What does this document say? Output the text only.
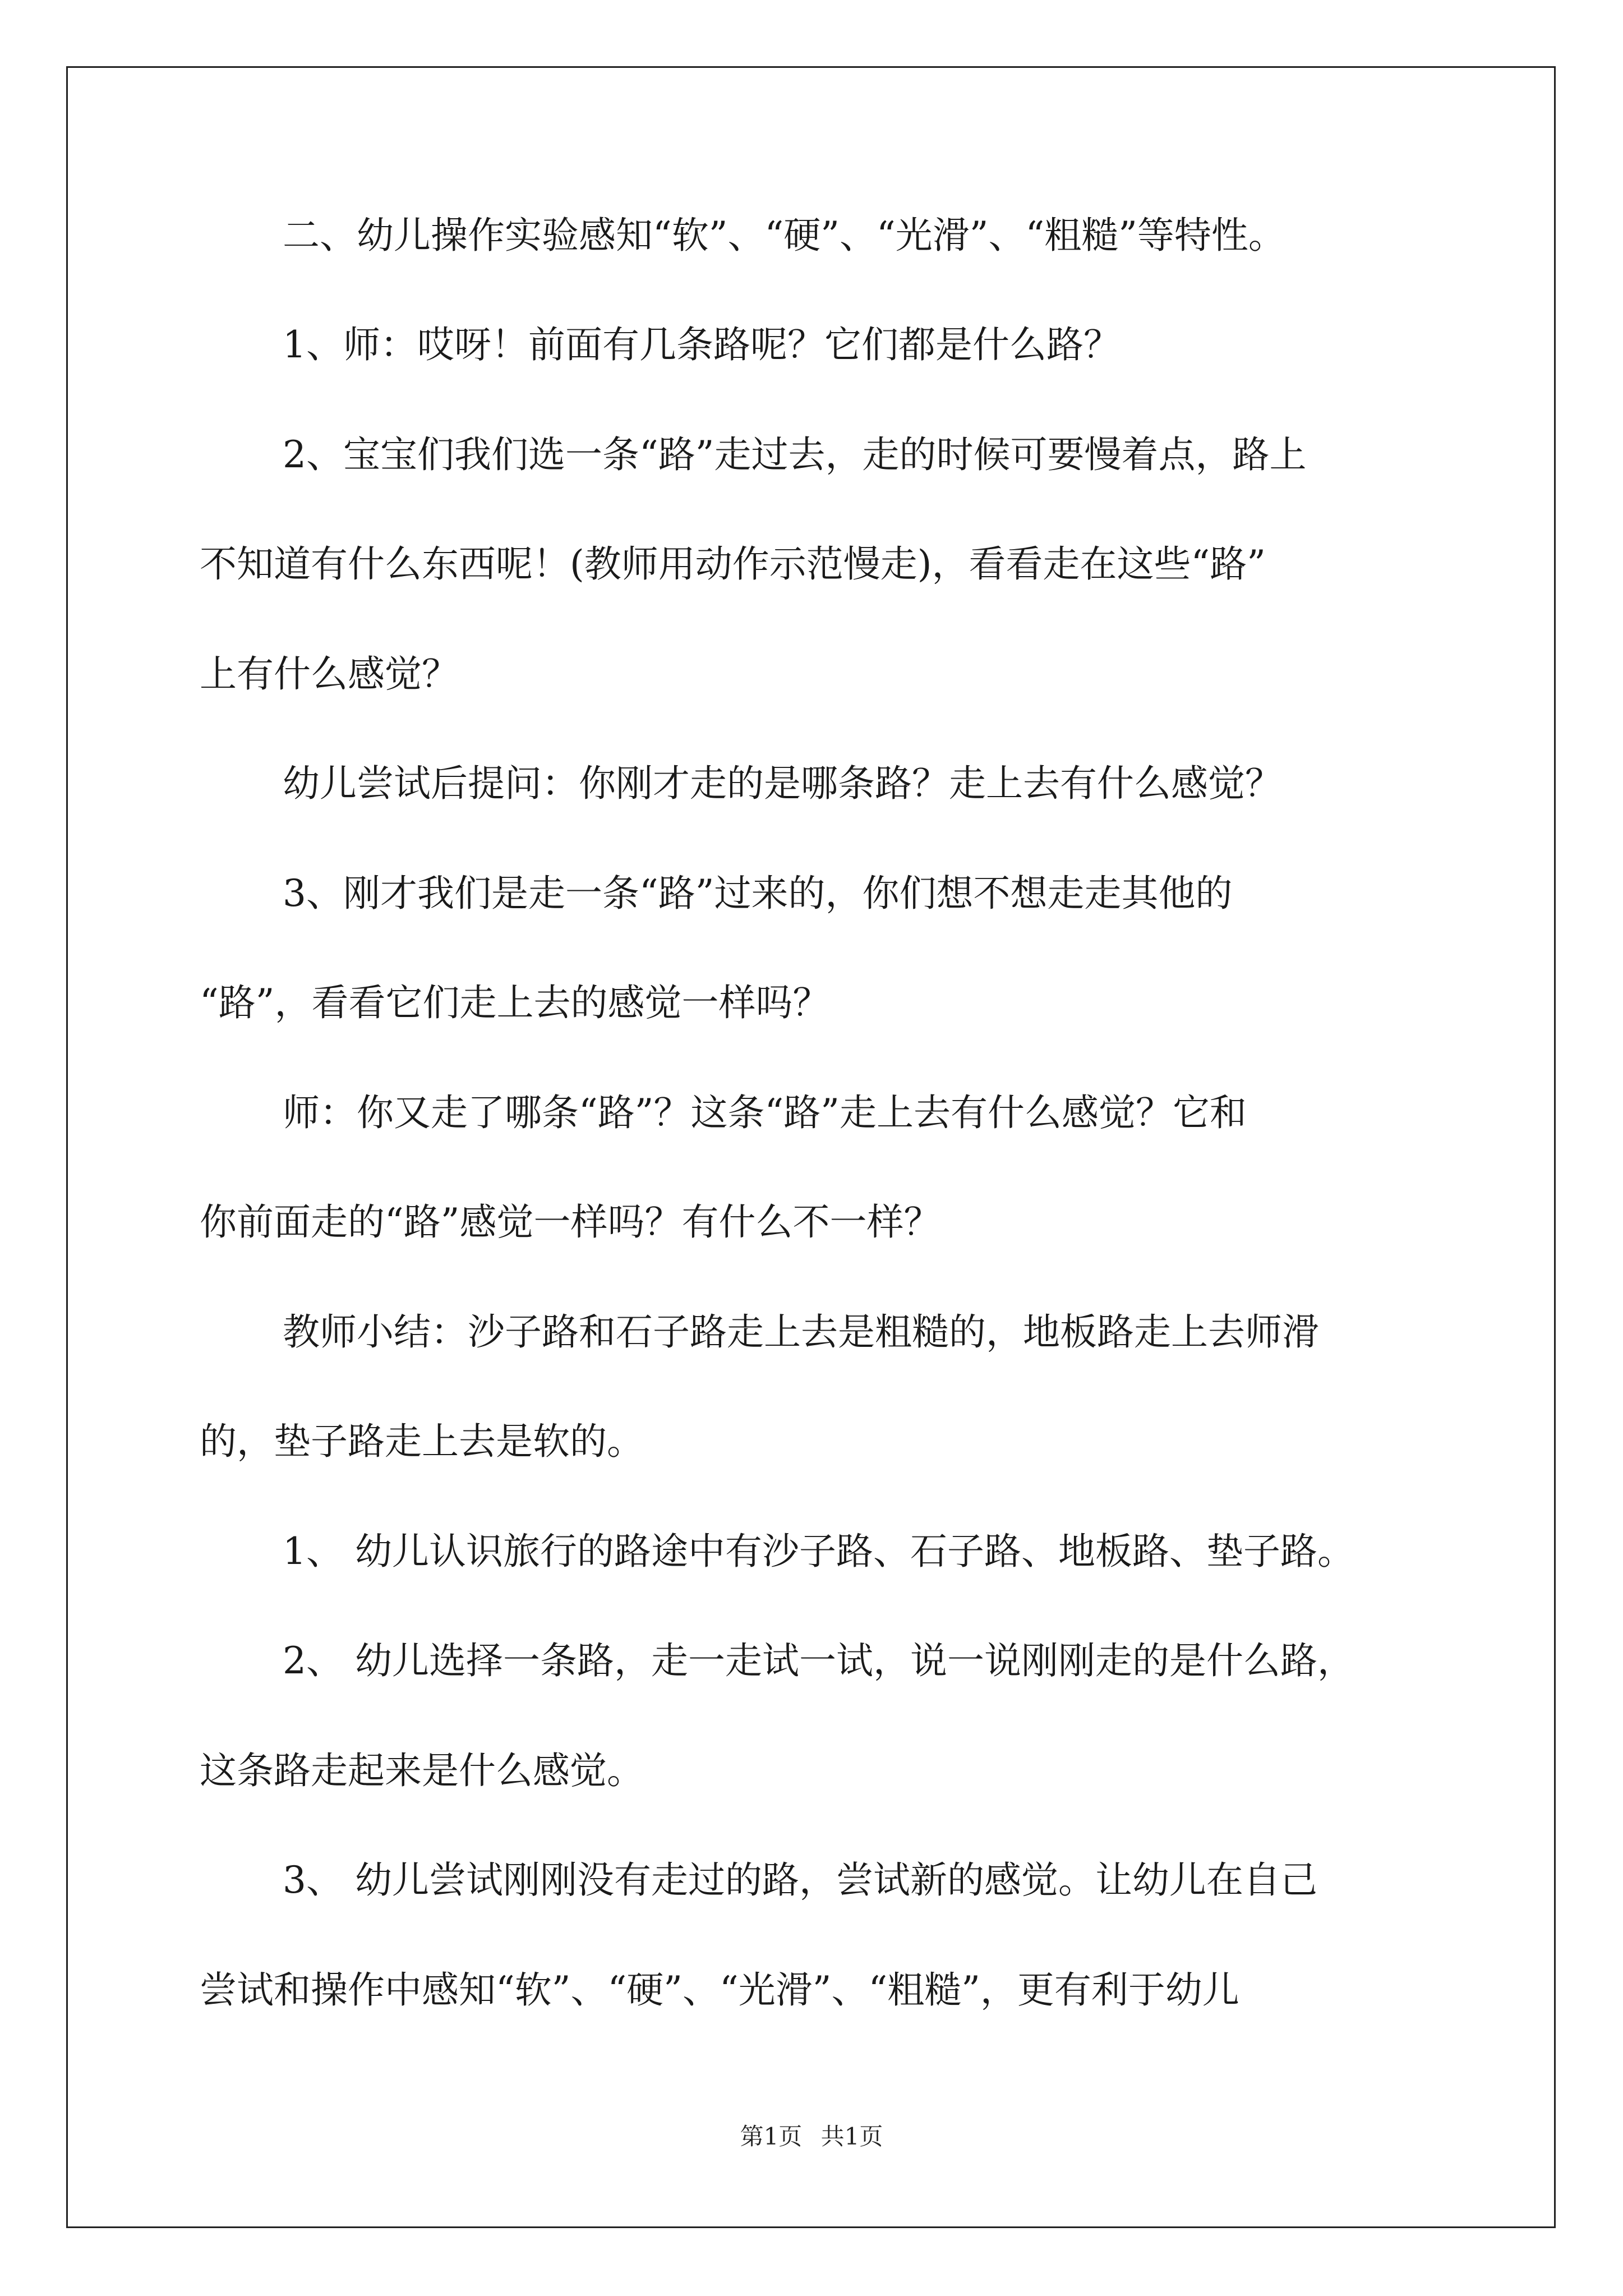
二、幼儿操作实验感知“软”、“硬”、“光滑”、“粗糙”等特性。
1、师：哎呀！前面有几条路呢？它们都是什么路？
2、宝宝们我们选一条“路”走过去，走的时候可要慢着点，路上
不知道有什么东西呢！(教师用动作示范慢走)，看看走在这些“路”
上有什么感觉？
幼儿尝试后提问：你刚才走的是哪条路？走上去有什么感觉？
3、刚才我们是走一条“路”过来的，你们想不想走走其他的
“路”，看看它们走上去的感觉一样吗？
师：你又走了哪条“路”？这条“路”走上去有什么感觉？它和
你前面走的“路”感觉一样吗？有什么不一样？
教师小结：沙子路和石子路走上去是粗糙的，地板路走上去师滑
的，垫子路走上去是软的。
1、 幼儿认识旅行的路途中有沙子路、石子路、地板路、垫子路。
2、 幼儿选择一条路，走一走试一试，说一说刚刚走的是什么路，
这条路走起来是什么感觉。
3、 幼儿尝试刚刚没有走过的路，尝试新的感觉。让幼儿在自己
尝试和操作中感知“软”、“硬”、“光滑”、“粗糙”，更有利于幼儿
第1页 共1页
